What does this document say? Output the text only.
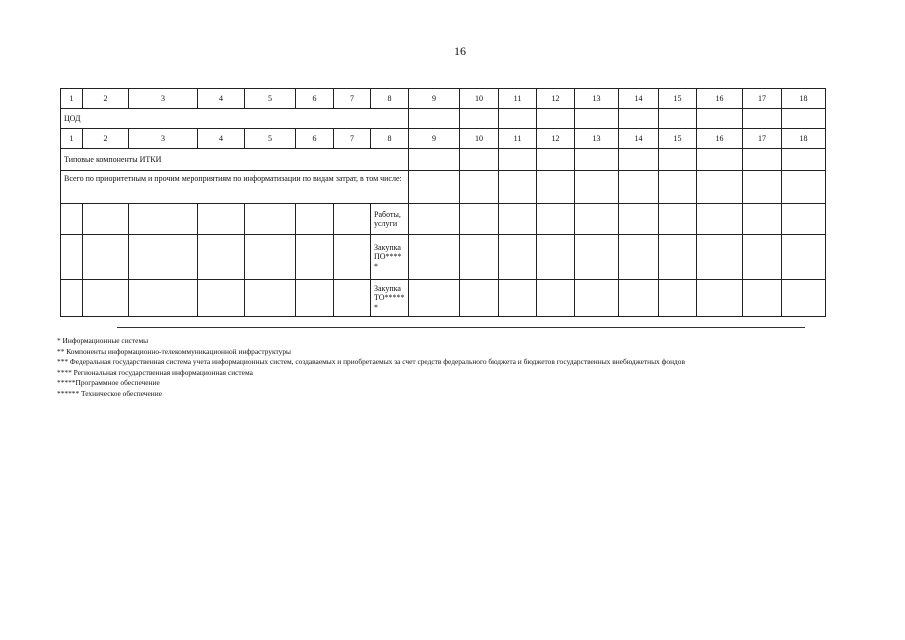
16
1	2	3	4	5	6	7	8	9	10	11	12	13	14	15	16	17	18
ЦОД																	
1	2	3	4	5	6	7	8	9	10	11	12	13	14	15	16	17	18
Типовые компоненты ИТКИ																	
Всего по приоритетным и прочим мероприятиям по информатизации по видам затрат, в том числе:																	
							Работы, услуги										
							Закупка ПО*****										
							Закупка ТО******										
* Информационные системы
** Компоненты информационно-телекоммуникационной инфраструктуры
*** Федеральная государственная система учета информационных систем, создаваемых и приобретаемых за счет средств федерального бюджета и бюджетов государственных внебюджетных фондов
**** Региональная государственная информационная система
*****Программное обеспечение
****** Техническое обеспечение
